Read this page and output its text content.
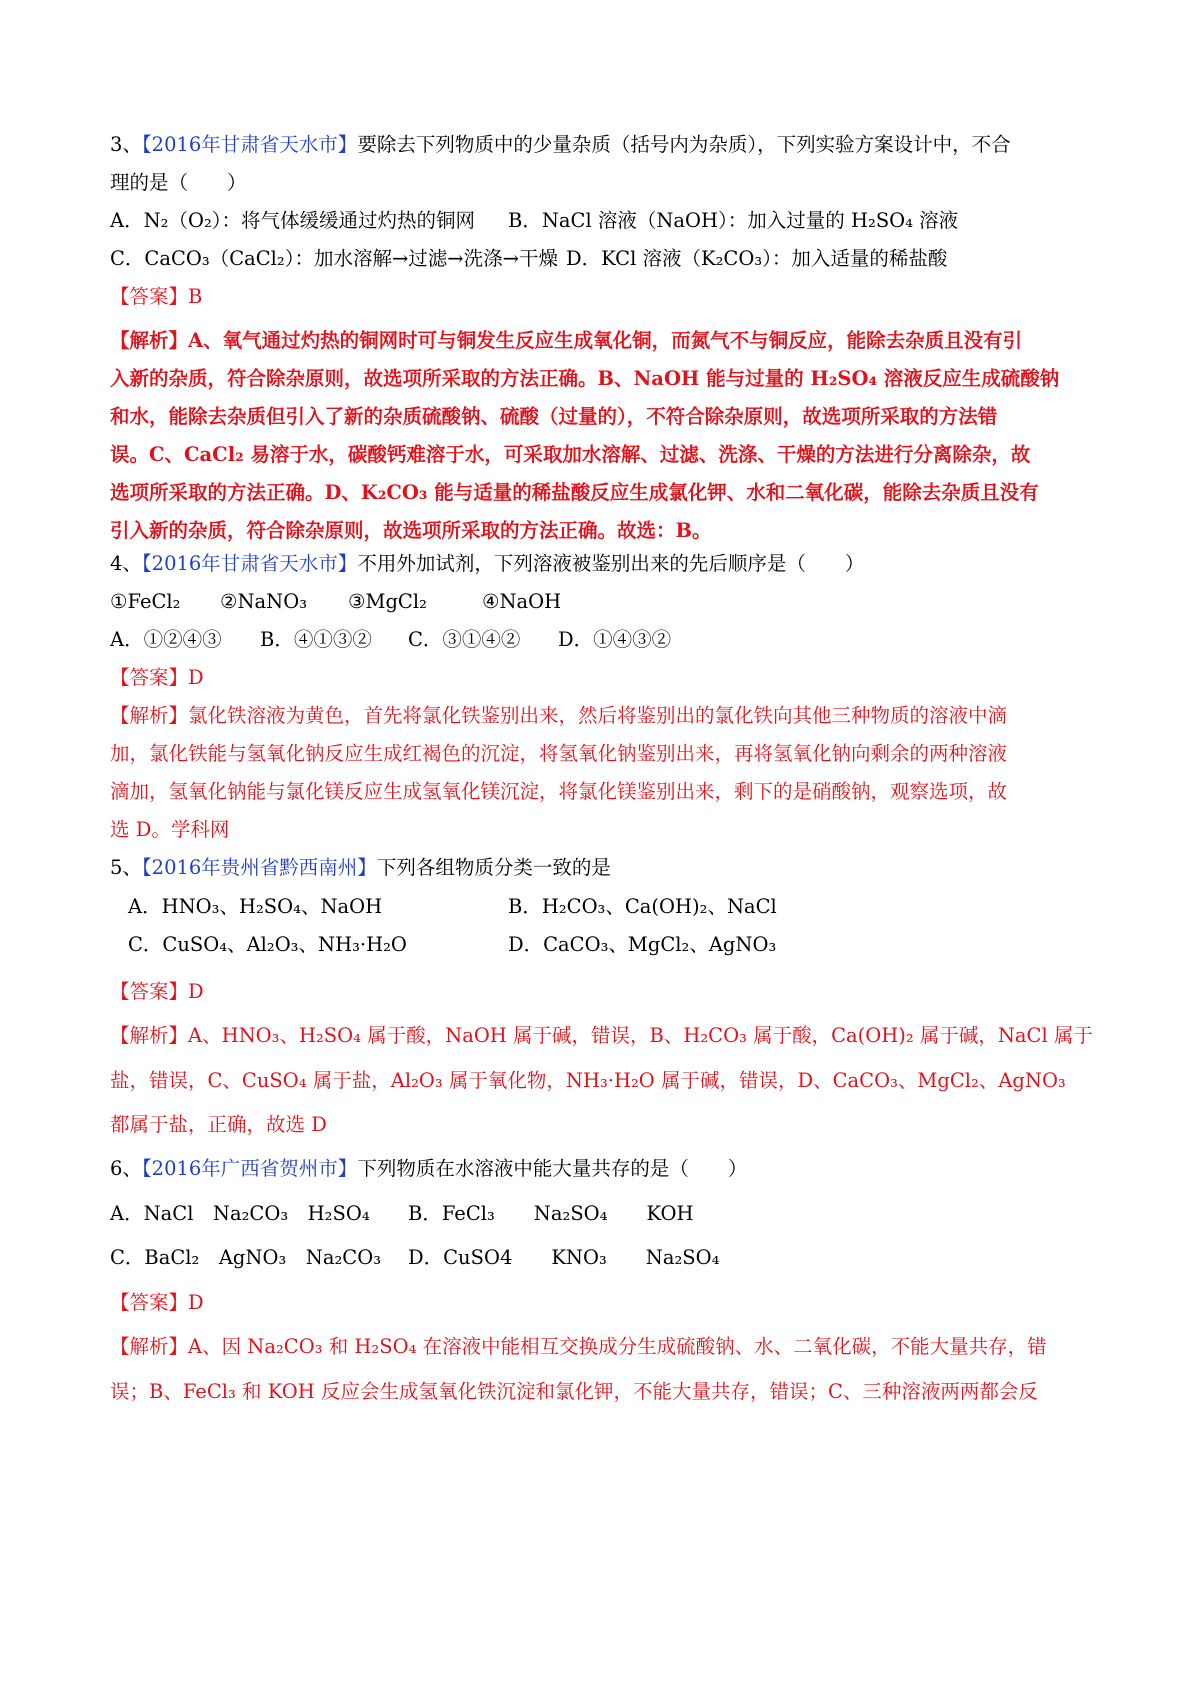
3、【2016年甘肃省天水市】要除去下列物质中的少量杂质（括号内为杂质），下列实验方案设计中，不合
理的是（　　）
A．N₂（O₂）：将气体缓缓通过灼热的铜网 B．NaCl 溶液（NaOH）：加入过量的 H₂SO₄ 溶液
C．CaCO₃（CaCl₂）：加水溶解→过滤→洗涤→干燥 D．KCl 溶液（K₂CO₃）：加入适量的稀盐酸
【答案】B
【解析】A、氧气通过灼热的铜网时可与铜发生反应生成氧化铜，而氮气不与铜反应，能除去杂质且没有引
入新的杂质，符合除杂原则，故选项所采取的方法正确。B、NaOH 能与过量的 H₂SO₄ 溶液反应生成硫酸钠
和水，能除去杂质但引入了新的杂质硫酸钠、硫酸（过量的），不符合除杂原则，故选项所采取的方法错
误。C、CaCl₂ 易溶于水，碳酸钙难溶于水，可采取加水溶解、过滤、洗涤、干燥的方法进行分离除杂，故
选项所采取的方法正确。D、K₂CO₃ 能与适量的稀盐酸反应生成氯化钾、水和二氧化碳，能除去杂质且没有
引入新的杂质，符合除杂原则，故选项所采取的方法正确。故选：B。
4、【2016年甘肃省天水市】不用外加试剂，下列溶液被鉴别出来的先后顺序是（　　）
①FeCl₂ ②NaNO₃ ③MgCl₂	④NaOH
A．①②④③ B．④①③② C．③①④② D．①④③②
【答案】D
【解析】氯化铁溶液为黄色，首先将氯化铁鉴别出来，然后将鉴别出的氯化铁向其他三种物质的溶液中滴
加，氯化铁能与氢氧化钠反应生成红褐色的沉淀，将氢氧化钠鉴别出来，再将氢氧化钠向剩余的两种溶液
滴加，氢氧化钠能与氯化镁反应生成氢氧化镁沉淀，将氯化镁鉴别出来，剩下的是硝酸钠，观察选项，故
选 D。学科网
5、【2016年贵州省黔西南州】下列各组物质分类一致的是
A．HNO₃、H₂SO₄、NaOH	B．H₂CO₃、Ca(OH)₂、NaCl
C．CuSO₄、Al₂O₃、NH₃·H₂O	D．CaCO₃、MgCl₂、AgNO₃
【答案】D
【解析】A、HNO₃、H₂SO₄ 属于酸，NaOH 属于碱，错误，B、H₂CO₃ 属于酸，Ca(OH)₂ 属于碱，NaCl 属于
盐，错误，C、CuSO₄ 属于盐，Al₂O₃ 属于氧化物，NH₃·H₂O 属于碱，错误，D、CaCO₃、MgCl₂、AgNO₃
都属于盐，正确，故选 D
6、【2016年广西省贺州市】下列物质在水溶液中能大量共存的是（　　）
A．NaCl　Na₂CO₃　H₂SO₄ B．FeCl₃　　Na₂SO₄　　KOH
C．BaCl₂　AgNO₃　Na₂CO₃ D．CuSO4　　KNO₃　　Na₂SO₄
【答案】D
【解析】A、因 Na₂CO₃ 和 H₂SO₄ 在溶液中能相互交换成分生成硫酸钠、水、二氧化碳，不能大量共存，错
误；B、FeCl₃ 和 KOH 反应会生成氢氧化铁沉淀和氯化钾，不能大量共存，错误；C、三种溶液两两都会反
